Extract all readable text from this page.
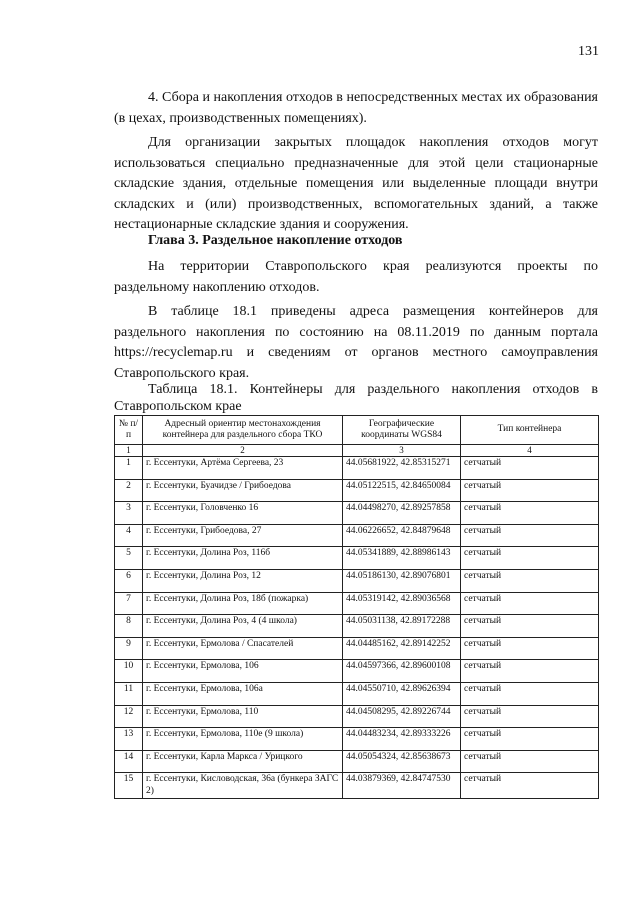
131

4. Сбора и накопления отходов в непосредственных местах их образования (в цехах, производственных помещениях).

Для организации закрытых площадок накопления отходов могут использоваться специально предназначенные для этой цели стационарные складские здания, отдельные помещения или выделенные площади внутри складских и (или) производственных, вспомогательных зданий, а также нестационарные складские здания и сооружения.

Глава 3. Раздельное накопление отходов

На территории Ставропольского края реализуются проекты по раздельному накоплению отходов.

В таблице 18.1 приведены адреса размещения контейнеров для раздельного накопления по состоянию на 08.11.2019 по данным портала https://recyclemap.ru и сведениям от органов местного самоуправления Ставропольского края.

Таблица 18.1. Контейнеры для раздельного накопления отходов в Ставропольском крае
№ п/п	Адресный ориентир местонахождения контейнера для раздельного сбора ТКО	Географические координаты WGS84	Тип контейнера
1	2	3	4
1	г. Ессентуки, Артёма Сергеева, 23	44.05681922, 42.85315271	сетчатый
2	г. Ессентуки, Буачидзе / Грибоедова	44.05122515, 42.84650084	сетчатый
3	г. Ессентуки, Головченко 16	44.04498270, 42.89257858	сетчатый
4	г. Ессентуки, Грибоедова, 27	44.06226652, 42.84879648	сетчатый
5	г. Ессентуки, Долина Роз, 116б	44.05341889, 42.88986143	сетчатый
6	г. Ессентуки, Долина Роз, 12	44.05186130, 42.89076801	сетчатый
7	г. Ессентуки, Долина Роз, 18б (пожарка)	44.05319142, 42.89036568	сетчатый
8	г. Ессентуки, Долина Роз, 4 (4 школа)	44.05031138, 42.89172288	сетчатый
9	г. Ессентуки, Ермолова / Спасателей	44.04485162, 42.89142252	сетчатый
10	г. Ессентуки, Ермолова, 106	44.04597366, 42.89600108	сетчатый
11	г. Ессентуки, Ермолова, 106а	44.04550710, 42.89626394	сетчатый
12	г. Ессентуки, Ермолова, 110	44.04508295, 42.89226744	сетчатый
13	г. Ессентуки, Ермолова, 110е (9 школа)	44.04483234, 42.89333226	сетчатый
14	г. Ессентуки, Карла Маркса / Урицкого	44.05054324, 42.85638673	сетчатый
15	г. Ессентуки, Кисловодская, 36а (бункера ЗАГС 2)	44.03879369, 42.84747530	сетчатый
